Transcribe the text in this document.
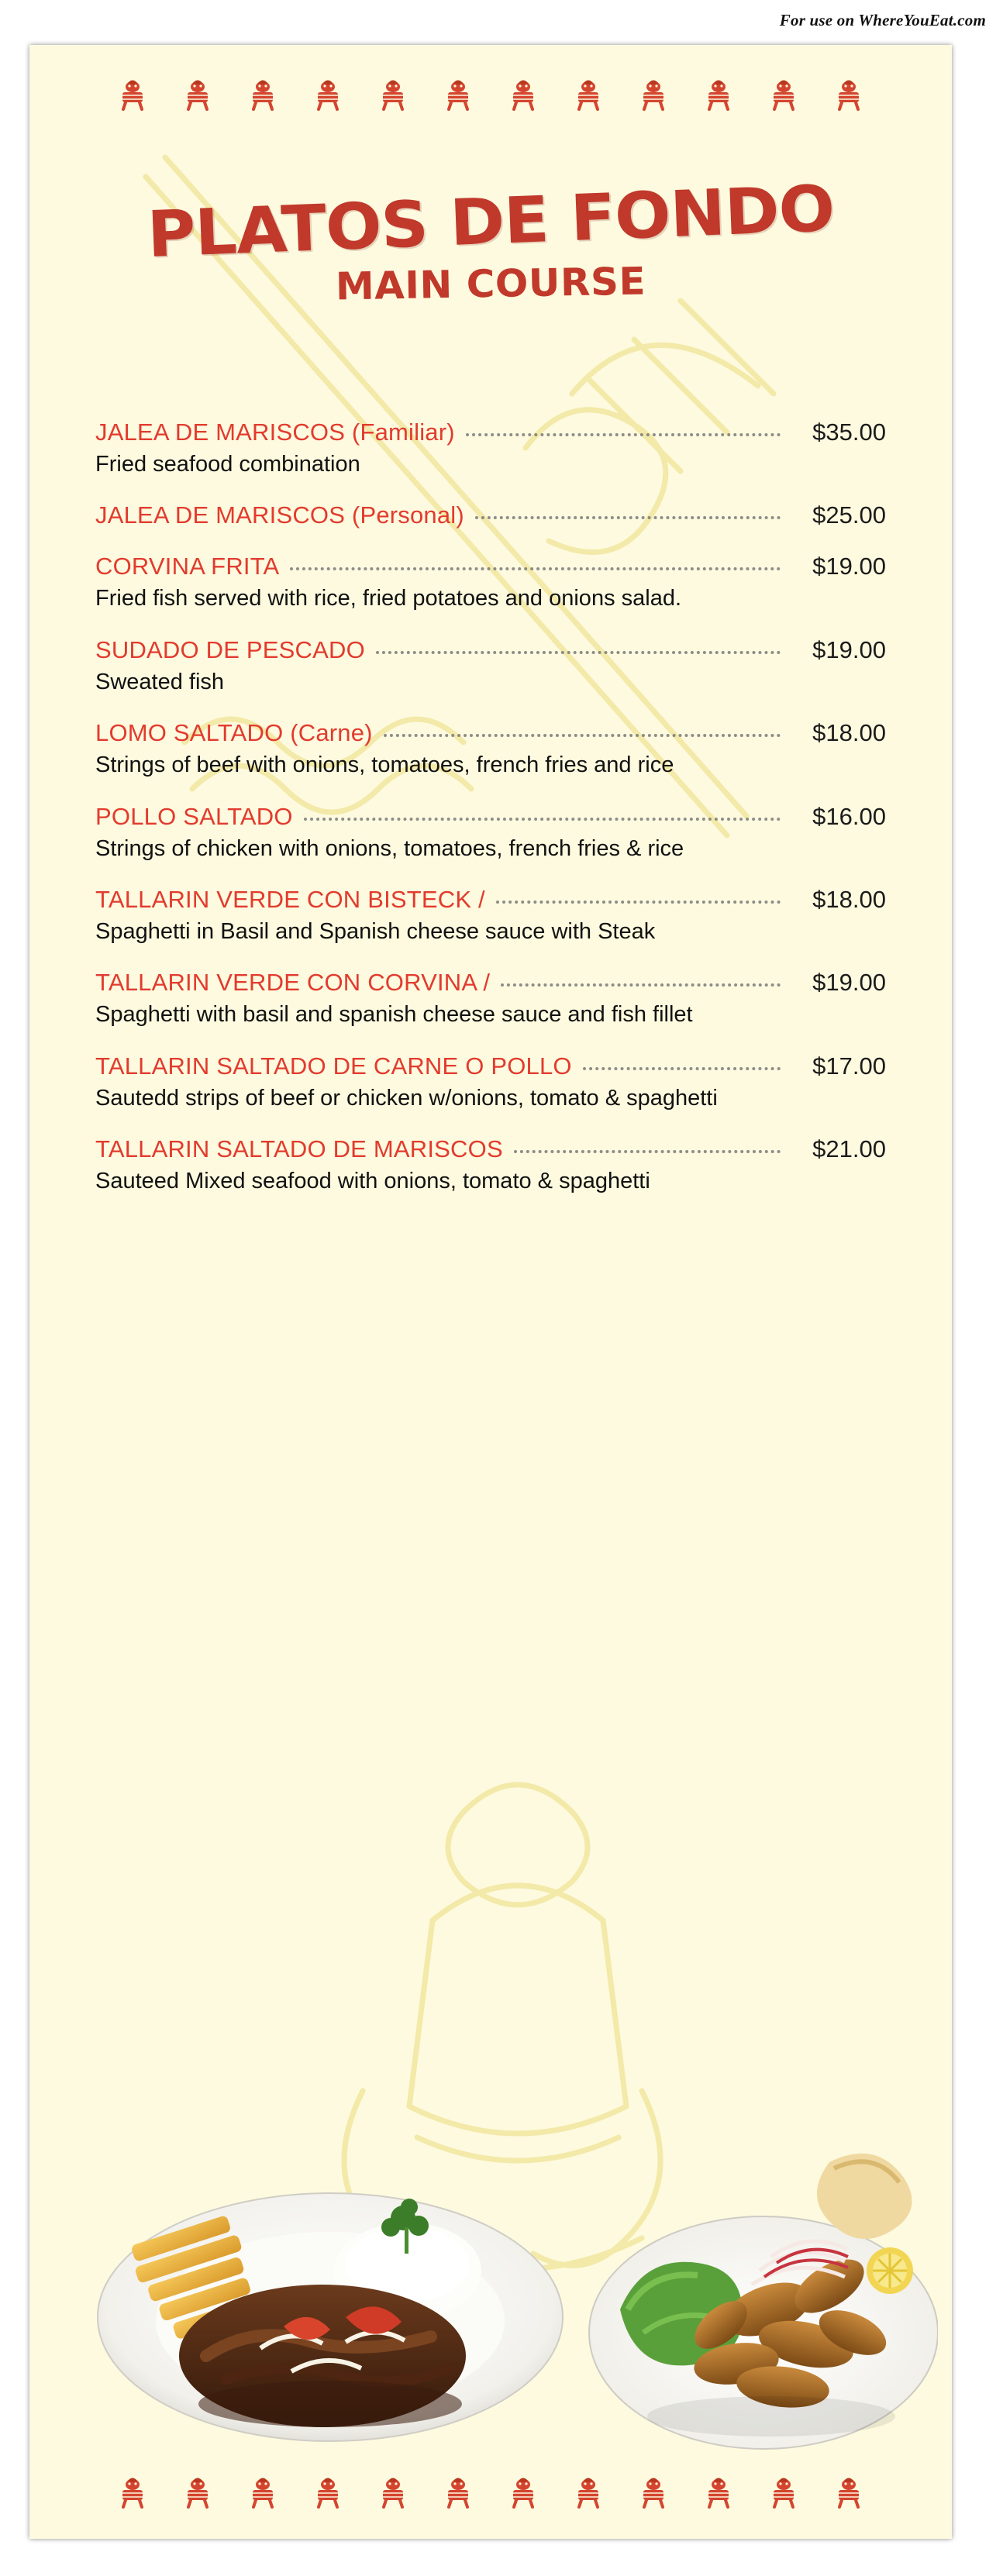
For use on WhereYouEat.com
PLATOS DE FONDO
MAIN COURSE
JALEA DE MARISCOS (Familiar)	$35.00
Fried seafood combination
JALEA DE MARISCOS (Personal)	$25.00
CORVINA FRITA	$19.00
Fried fish served with rice, fried potatoes and onions salad.
SUDADO DE PESCADO	$19.00
Sweated fish
LOMO SALTADO (Carne)	$18.00
Strings of beef with onions, tomatoes, french fries and rice
POLLO SALTADO	$16.00
Strings of chicken with onions, tomatoes, french fries & rice
TALLARIN VERDE CON BISTECK /	$18.00
Spaghetti in Basil and Spanish cheese sauce with Steak
TALLARIN VERDE CON CORVINA /	$19.00
Spaghetti with basil and spanish cheese sauce and fish fillet
TALLARIN SALTADO DE CARNE O POLLO	$17.00
Sautedd strips of beef or chicken w/onions, tomato & spaghetti
TALLARIN SALTADO DE MARISCOS	$21.00
Sauteed Mixed seafood with onions, tomato & spaghetti
